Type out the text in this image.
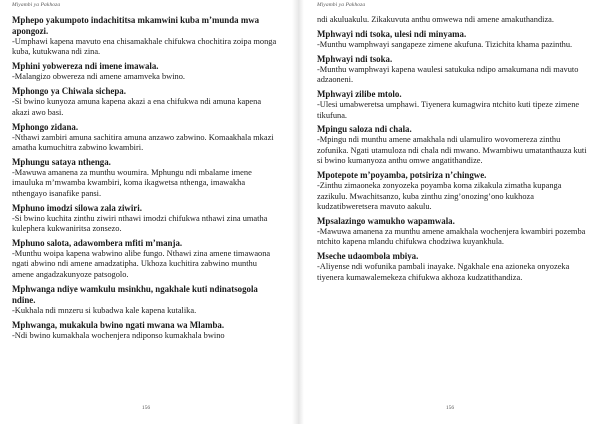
Miyambi ya Pakhoza

Mphepo yakumpoto indachititsa mkamwini kuba m’munda mwa apongozi.

-Umphawi kapena mavuto ena chisamakhale chifukwa chochitira zoipa monga kuba, kutukwana ndi zina.

Mphini yobwereza ndi imene imawala.

-Malangizo obwereza ndi amene amamveka bwino.

Mphongo ya Chiwala sichepa.

-Si bwino kunyoza amuna kapena akazi a ena chifukwa ndi amuna kapena akazi awo basi.

Mphongo zidana.

-Nthawi zambiri amuna sachitira amuna anzawo zabwino. Komaakhala mkazi amatha kumuchitra zabwino kwambiri.

Mphungu sataya nthenga.

-Mawuwa amanena za munthu woumira. Mphungu ndi mbalame imene imauluka m’mwamba kwambiri, koma ikagwetsa nthenga, imawakha nthengayo isanafike pansi.

Mphuno imodzi silowa zala ziwiri.

-Si bwino kuchita zinthu ziwiri nthawi imodzi chifukwa nthawi zina umatha kulephera kukwaniritsa zonsezo.

Mphuno salota, adawombera mfiti m’manja.

-Munthu woipa kapena wabwino alibe fungo. Nthawi zina amene timawaona ngati abwino ndi amene amadzatipha. Ukhoza kuchitira zabwino munthu amene angadzakunyoze patsogolo.

Mphwanga ndiye wamkulu msinkhu, ngakhale kuti ndinatsogola ndine.

-Kukhala ndi mnzeru si kubadwa kale kapena kutalika.

Mphwanga, mukakula bwino ngati mwana wa Mlamba.

-Ndi bwino kumakhala wochenjera ndiponso kumakhala bwino

156
Miyambi ya Pakhoza

ndi akuluakulu. Zikakuvuta anthu omwewa ndi amene amakuthandiza.

Mphwayi ndi tsoka, ulesi ndi minyama.

-Munthu wamphwayi sangapeze zimene akufuna. Tizichita khama pazinthu.

Mphwayi ndi tsoka.

-Munthu wamphwayi kapena waulesi satukuka ndipo amakumana ndi mavuto adzaoneni.

Mphwayi zilibe mtolo.

-Ulesi umabweretsa umphawi. Tiyenera kumagwira ntchito kuti tipeze zimene tikufuna.

Mpingu saloza ndi chala.

-Mpingu ndi munthu amene amakhala ndi ulamuliro wovomereza zinthu zofunika. Ngati utamuloza ndi chala ndi mwano. Mwambiwu umatanthauza kuti si bwino kumanyoza anthu omwe angatithandize.

Mpotepote m’poyamba, potsiriza n’chingwe.

-Zinthu zimaoneka zonyozeka poyamba koma zikakula zimatha kupanga zazikulu. Mwachitsanzo, kuba zinthu zing’onozing’ono kukhoza kudzatibweretsera mavuto aakulu.

Mpsalazingo wamukho wapamwala.

-Mawuwa amanena za munthu amene amakhala wochenjera kwambiri pozemba ntchito kapena mlandu chifukwa chodziwa kuyankhula.

Mseche udaombola mbiya.

-Aliyense ndi wofunika pambali inayake. Ngakhale ena azioneka onyozeka tiyenera kumawalemekeza chifukwa akhoza kudzatithandiza.

156
